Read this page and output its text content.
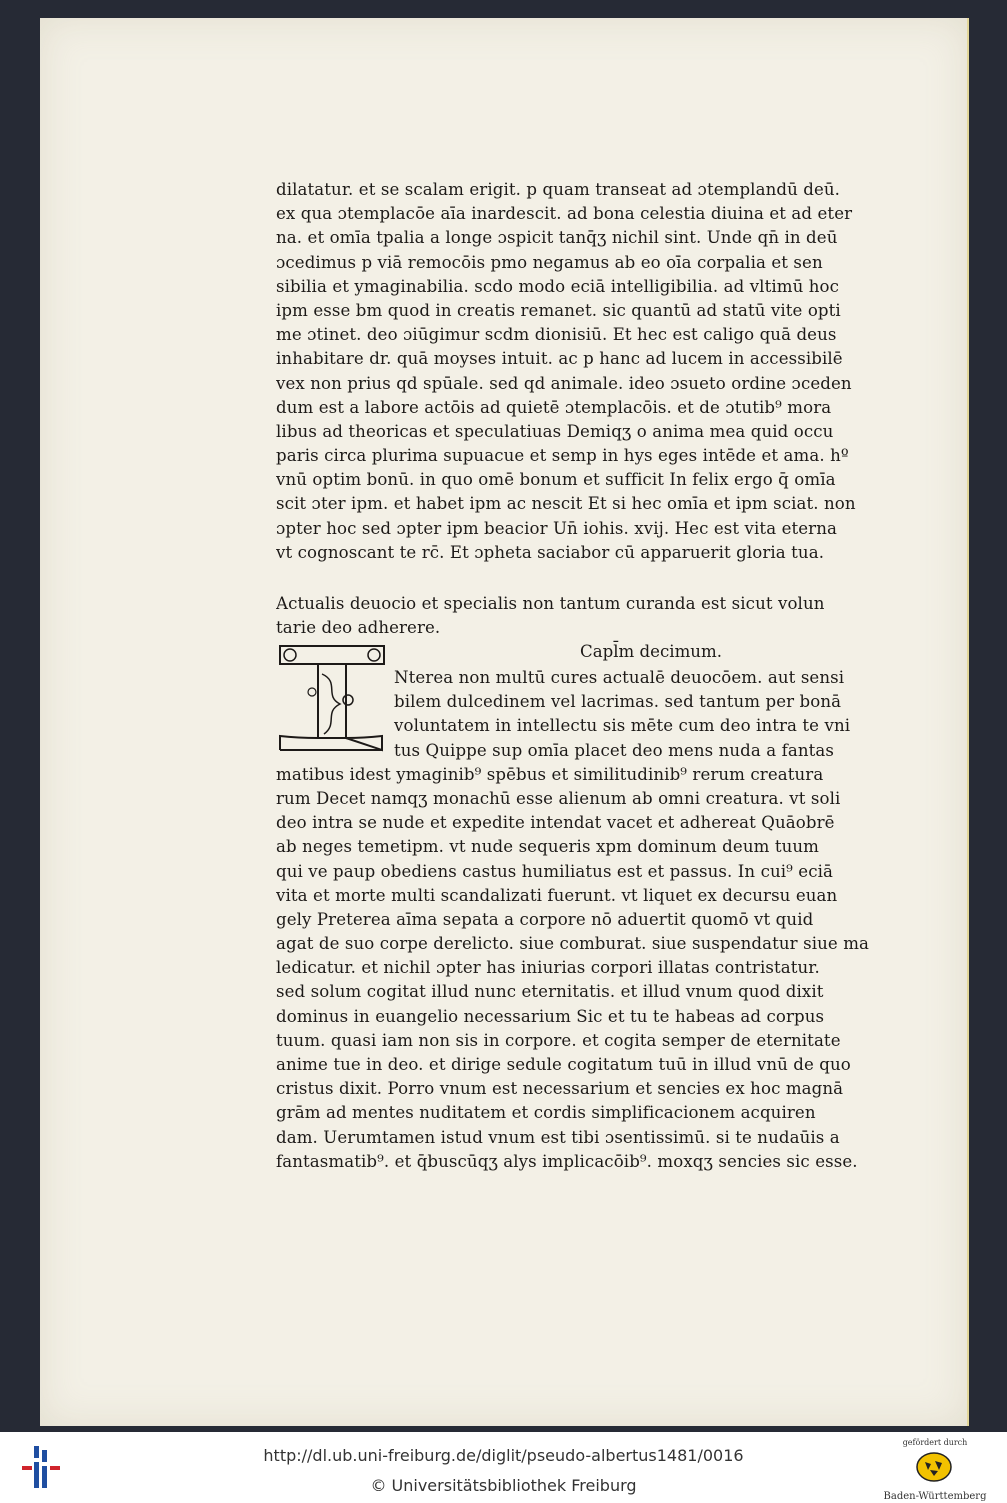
dilatatur. et se scalam erigit. p quam transeat ad ɔtemplandū deū.
ex qua ɔtemplacōe aīa inardescit. ad bona celestia diuina et ad eter
na. et omīa tpalia a longe ɔspicit tanq̄ʒ nichil sint. Unde qn̄ in deū
ɔcedimus p viā remocōis pmo negamus ab eo oīa corpalia et sen
sibilia et ymaginabilia. scdo modo eciā intelligibilia. ad vltimū hoc
ipm esse bm quod in creatis remanet. sic quantū ad statū vite opti
me ɔtinet. deo ɔiūgimur scdm dionisiū. Et hec est caligo quā deus
inhabitare dr. quā moyses intuit. ac p hanc ad lucem in accessibilē
vex non prius qd spūale. sed qd animale. ideo ɔsueto ordine ɔceden
dum est a labore actōis ad quietē ɔtemplacōis. et de ɔtutib⁹ mora
libus ad theoricas et speculatiuas Demiqʒ o anima mea quid occu
paris circa plurima supuacue et semp in hys eges intēde et ama. hº
vnū optim bonū. in quo omē bonum et sufficit In felix ergo q̄ omīa
scit ɔter ipm. et habet ipm ac nescit Et si hec omīa et ipm sciat. non
ɔpter hoc sed ɔpter ipm beacior Un̄ iohis. xvij. Hec est vita eterna
vt cognoscant te rc̄. Et ɔpheta saciabor cū apparuerit gloria tua.
Actualis deuocio et specialis non tantum curanda est sicut volun
tarie deo adherere.
Capl̄m decimum.
Nterea non multū cures actualē deuocōem. aut sensi
bilem dulcedinem vel lacrimas. sed tantum per bonā
voluntatem in intellectu sis mēte cum deo intra te vni
tus Quippe sup omīa placet deo mens nuda a fantas
matibus idest ymaginib⁹ spēbus et similitudinib⁹ rerum creatura
rum Decet namqʒ monachū esse alienum ab omni creatura. vt soli
deo intra se nude et expedite intendat vacet et adhereat Quāobrē
ab neges temetipm. vt nude sequeris xpm dominum deum tuum
qui ve paup obediens castus humiliatus est et passus. In cui⁹ eciā
vita et morte multi scandalizati fuerunt. vt liquet ex decursu euan
gely Preterea aīma sepata a corpore nō aduertit quomō vt quid
agat de suo corpe derelicto. siue comburat. siue suspendatur siue ma
ledicatur. et nichil ɔpter has iniurias corpori illatas contristatur.
sed solum cogitat illud nunc eternitatis. et illud vnum quod dixit
dominus in euangelio necessarium Sic et tu te habeas ad corpus
tuum. quasi iam non sis in corpore. et cogita semper de eternitate
anime tue in deo. et dirige sedule cogitatum tuū in illud vnū de quo
cristus dixit. Porro vnum est necessarium et sencies ex hoc magnā
grām ad mentes nuditatem et cordis simplificacionem acquiren
dam. Uerumtamen istud vnum est tibi ɔsentissimū. si te nudaūis a
fantasmatib⁹. et q̄buscūqʒ alys implicacōib⁹. moxqʒ sencies sic esse.
http://dl.ub.uni-freiburg.de/diglit/pseudo-albertus1481/0016
© Universitätsbibliothek Freiburg
gefördert durch
Baden-Württemberg
